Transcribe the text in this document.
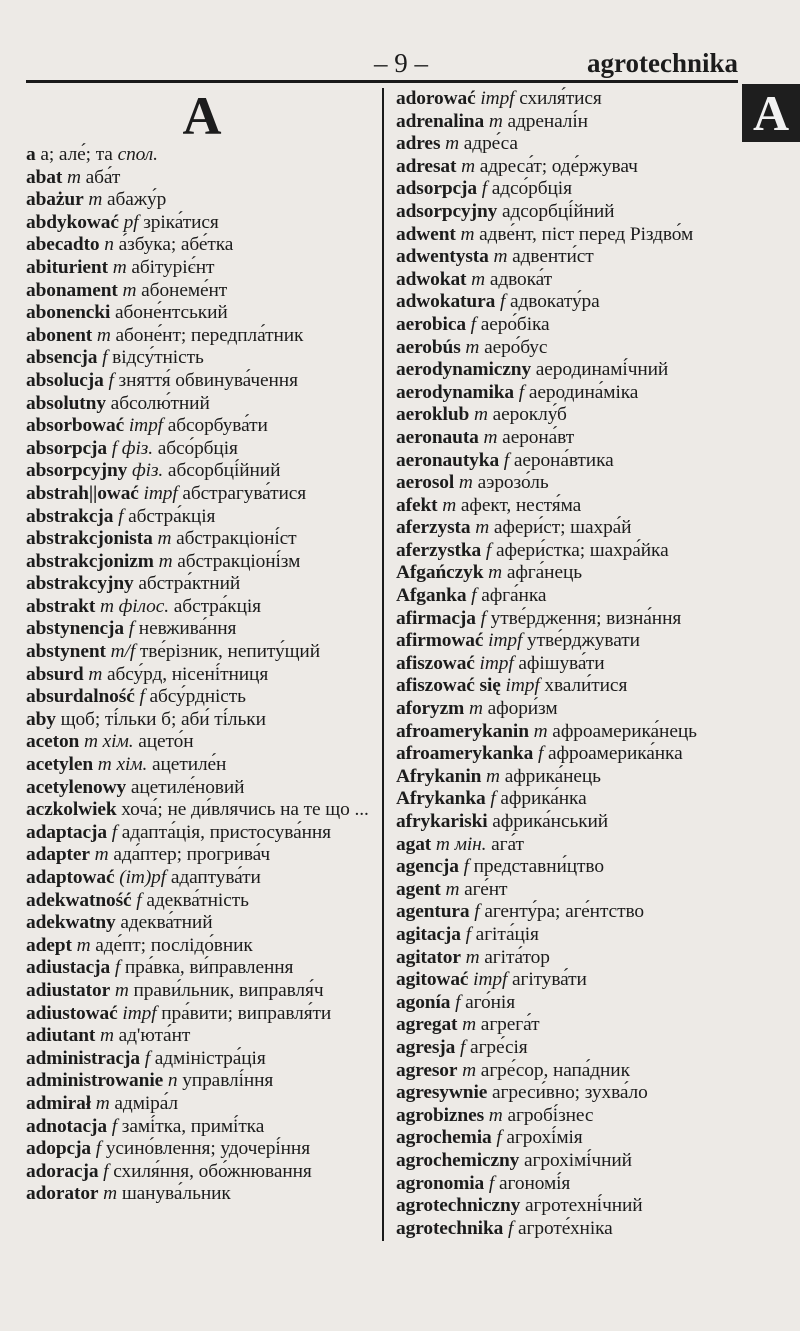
– 9 –	agrotechnika
A
A
a а; але́; та спол.
abat m аба́т
abażur m абажу́р
abdykować pf зріка́тися
abecadto n а́збука; абе́тка
abiturient m абітурiє́нт
abonament m абонеме́нт
abonencki абоне́нтський
abonent m абоне́нт; передпла́тник
absencja f відсу́тність
absolucja f зняття́ обвинува́чення
absolutny абсолю́тний
absorbować impf абсорбува́ти
absorpcja f фіз. абсо́рбція
absorpcyjny фіз. абсорбці́йний
abstrah||ować impf абстрагува́тися
abstrakcja f абстра́кція
abstrakcjonista m абстракціоні́ст
abstrakcjonizm m абстракціоні́зм
abstrakcyjny абстра́ктний
abstrakt m філос. абстра́кція
abstynencja f невжива́ння
abstynent m/f тве́різник, непиту́щий
absurd m абсу́рд, нісені́тниця
absurdalność f абсу́рдність
aby щоб; ті́льки б; аби́ ті́льки
aceton m хім. ацето́н
acetylen m хім. ацетиле́н
acetylenowy ацетиле́новий
aczkolwiek хоча́; не ди́влячись на те що ...
adaptacja f адапта́ція, пристосува́ння
adapter m ада́птер; прогрива́ч
adaptować (im)pf адаптува́ти
adekwatność f адеква́тність
adekwatny адеква́тний
adept m аде́пт; послідо́вник
adiustacja f пра́вка, ви́правлення
adiustator m прави́льник, виправля́ч
adiustować impf пра́вити; виправля́ти
adiutant m ад'юта́нт
administracja f адміністра́ція
administrowanie n управлі́ння
admirał m адміра́л
adnotacja f замі́тка, примі́тка
adopcja f усино́влення; удочері́ння
adoracja f схиля́ння, обо́жнювання
adorator m шанува́льник
adorować impf схиля́тися
adrenalina m адреналі́н
adres m адре́са
adresat m адреса́т; оде́ржувач
adsorpcja f адсо́рбція
adsorpcyjny адсорбці́йний
adwent m адве́нт, піст перед Різдво́м
adwentysta m адвенти́ст
adwokat m адвока́т
adwokatura f адвокату́ра
aerobica f аеро́біка
aerobús m аеро́бус
aerodynamiczny аеродинамі́чний
aerodynamika f аеродина́міка
aeroklub m аероклу́б
aeronauta m аерона́вт
aeronautyka f аерона́втика
aerosol m аэрозо́ль
afekt m афект, нестя́ма
aferzysta m афери́ст; шахра́й
aferzystka f афери́стка; шахра́йка
Afgańczyk m афга́нець
Afganka f афга́нка
afirmacja f утве́рдження; визна́ння
afirmować impf утве́рджувати
afiszować impf афішува́ти
afiszować się impf хвали́тися
aforyzm m афори́зм
afroamerykanin m афроамерика́нець
afroamerykanka f афроамерика́нка
Afrykanin m африка́нець
Afrykanka f африка́нка
afrykariski африка́нський
agat m мін. ага́т
agencja f представни́цтво
agent m аге́нт
agentura f агенту́ра; аге́нтство
agitacja f агіта́ція
agitator m агіта́тор
agitować impf агітува́ти
agonía f аго́нія
agregat m агрега́т
agresja f агре́сія
agresor m агре́сор, напа́дник
agresywnie агреси́вно; зухва́ло
agrobiznes m агробі́знес
agrochemia f агрохі́мія
agrochemiczny агрохімі́чний
agronomia f агономі́я
agrotechniczny агротехні́чний
agrotechnika f агроте́хніка
